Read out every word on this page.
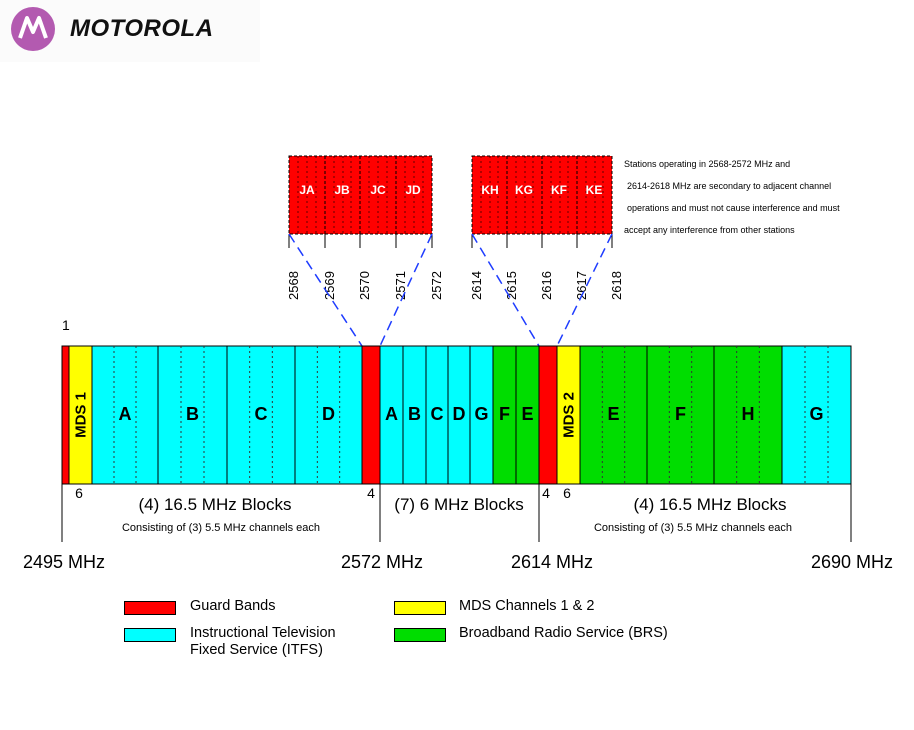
MOTOROLA
JA JB JC JD
2568 2569 2570 2571 2572
KH KG KF KE
2614 2615 2616 2617 2618
1
MDS 1 A	B	C	D	A B C D G F E MDS 2 E	F	H	G
6	4	4 6
(4) 16.5 MHz Blocks
Consisting of (3) 5.5 MHz channels each
(7) 6 MHz Blocks	(4) 16.5 MHz Blocks
Consisting of (3) 5.5 MHz channels each
Stations operating in 2568-2572 MHz and
2614-2618 MHz are secondary to adjacent channel
operations and must not cause interference and must
accept any interference from other stations
2495 MHz	2572 MHz	2614 MHz	2690 MHz
Guard Bands	MDS Channels 1 & 2
Instructional Television
Fixed Service (ITFS)
Broadband Radio Service (BRS)
